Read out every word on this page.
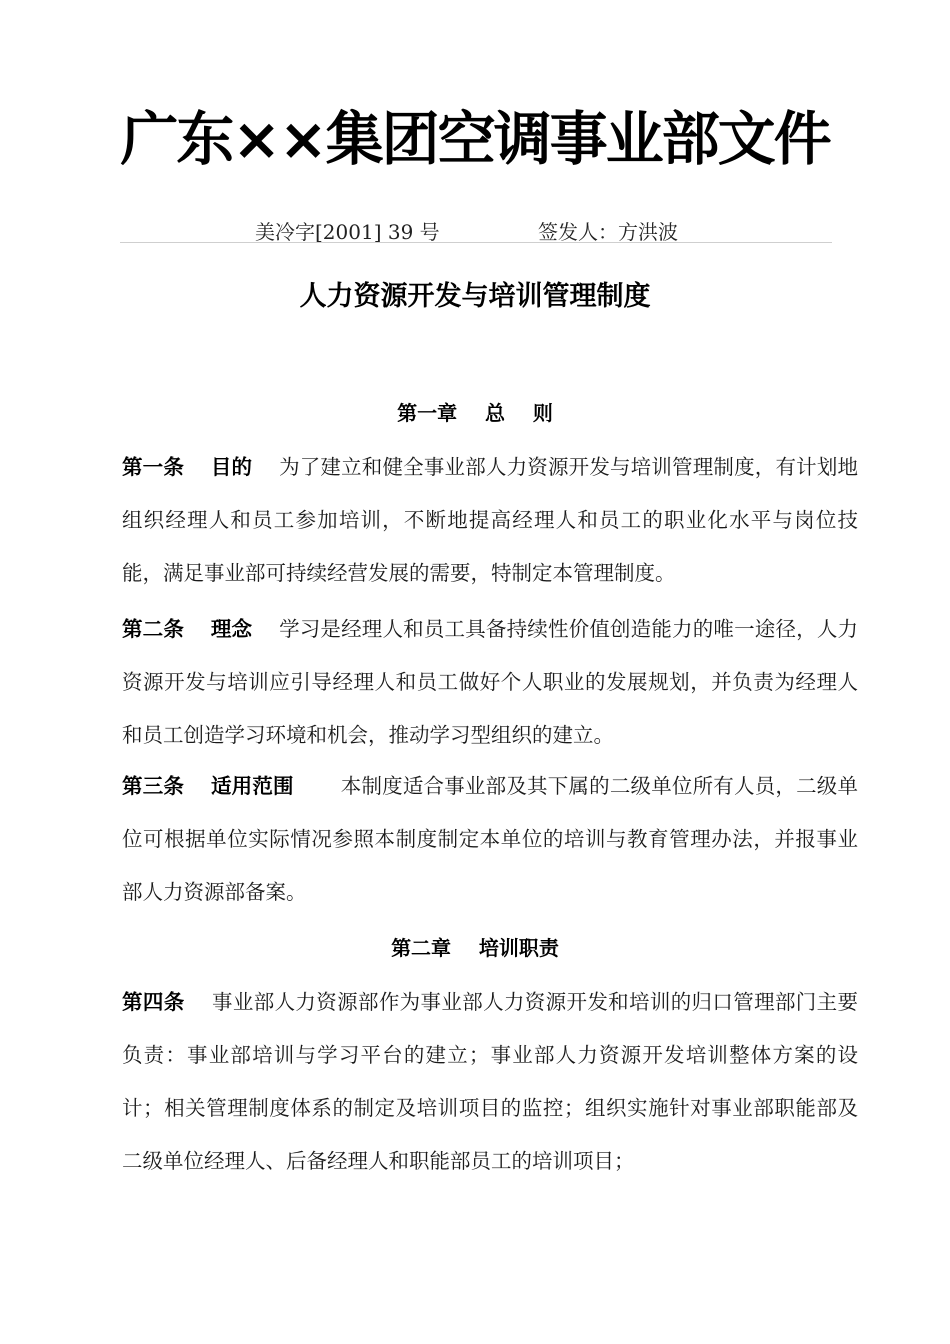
广东××集团空调事业部文件
美冷字[2001] 39 号	签发人：方洪波
人力资源开发与培训管理制度
第一章    总    则

第一条 目的 为了建立和健全事业部人力资源开发与培训管理制度，有计划地组织经理人和员工参加培训，不断地提高经理人和员工的职业化水平与岗位技能，满足事业部可持续经营发展的需要，特制定本管理制度。

第二条 理念 学习是经理人和员工具备持续性价值创造能力的唯一途径，人力资源开发与培训应引导经理人和员工做好个人职业的发展规划，并负责为经理人和员工创造学习环境和机会，推动学习型组织的建立。

第三条 适用范围 本制度适合事业部及其下属的二级单位所有人员，二级单位可根据单位实际情况参照本制度制定本单位的培训与教育管理办法，并报事业部人力资源部备案。

第二章    培训职责

第四条 事业部人力资源部作为事业部人力资源开发和培训的归口管理部门主要负责：事业部培训与学习平台的建立；事业部人力资源开发培训整体方案的设计；相关管理制度体系的制定及培训项目的监控；组织实施针对事业部职能部及二级单位经理人、后备经理人和职能部员工的培训项目；
